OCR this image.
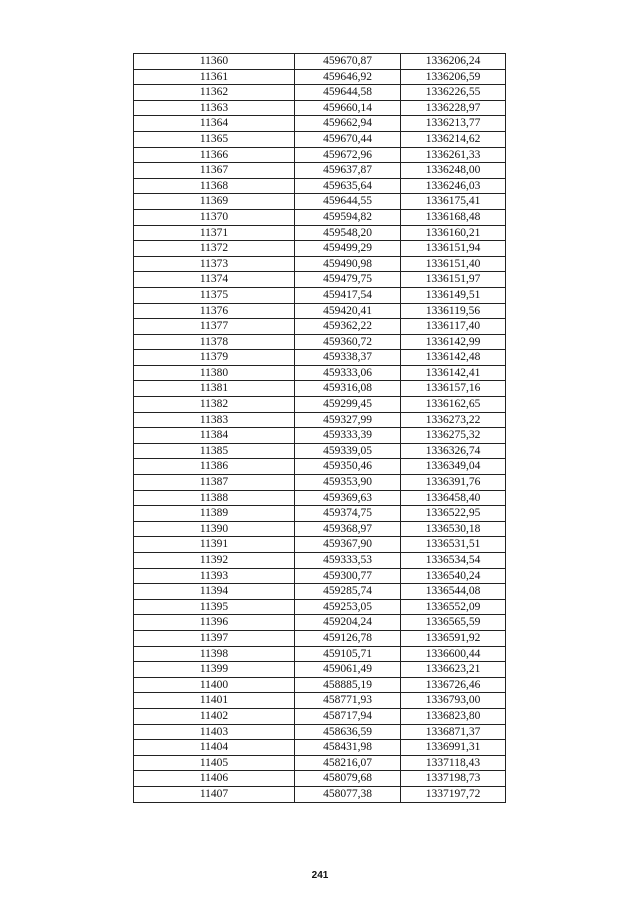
11360	459670,87	1336206,24
11361	459646,92	1336206,59
11362	459644,58	1336226,55
11363	459660,14	1336228,97
11364	459662,94	1336213,77
11365	459670,44	1336214,62
11366	459672,96	1336261,33
11367	459637,87	1336248,00
11368	459635,64	1336246,03
11369	459644,55	1336175,41
11370	459594,82	1336168,48
11371	459548,20	1336160,21
11372	459499,29	1336151,94
11373	459490,98	1336151,40
11374	459479,75	1336151,97
11375	459417,54	1336149,51
11376	459420,41	1336119,56
11377	459362,22	1336117,40
11378	459360,72	1336142,99
11379	459338,37	1336142,48
11380	459333,06	1336142,41
11381	459316,08	1336157,16
11382	459299,45	1336162,65
11383	459327,99	1336273,22
11384	459333,39	1336275,32
11385	459339,05	1336326,74
11386	459350,46	1336349,04
11387	459353,90	1336391,76
11388	459369,63	1336458,40
11389	459374,75	1336522,95
11390	459368,97	1336530,18
11391	459367,90	1336531,51
11392	459333,53	1336534,54
11393	459300,77	1336540,24
11394	459285,74	1336544,08
11395	459253,05	1336552,09
11396	459204,24	1336565,59
11397	459126,78	1336591,92
11398	459105,71	1336600,44
11399	459061,49	1336623,21
11400	458885,19	1336726,46
11401	458771,93	1336793,00
11402	458717,94	1336823,80
11403	458636,59	1336871,37
11404	458431,98	1336991,31
11405	458216,07	1337118,43
11406	458079,68	1337198,73
11407	458077,38	1337197,72
241
